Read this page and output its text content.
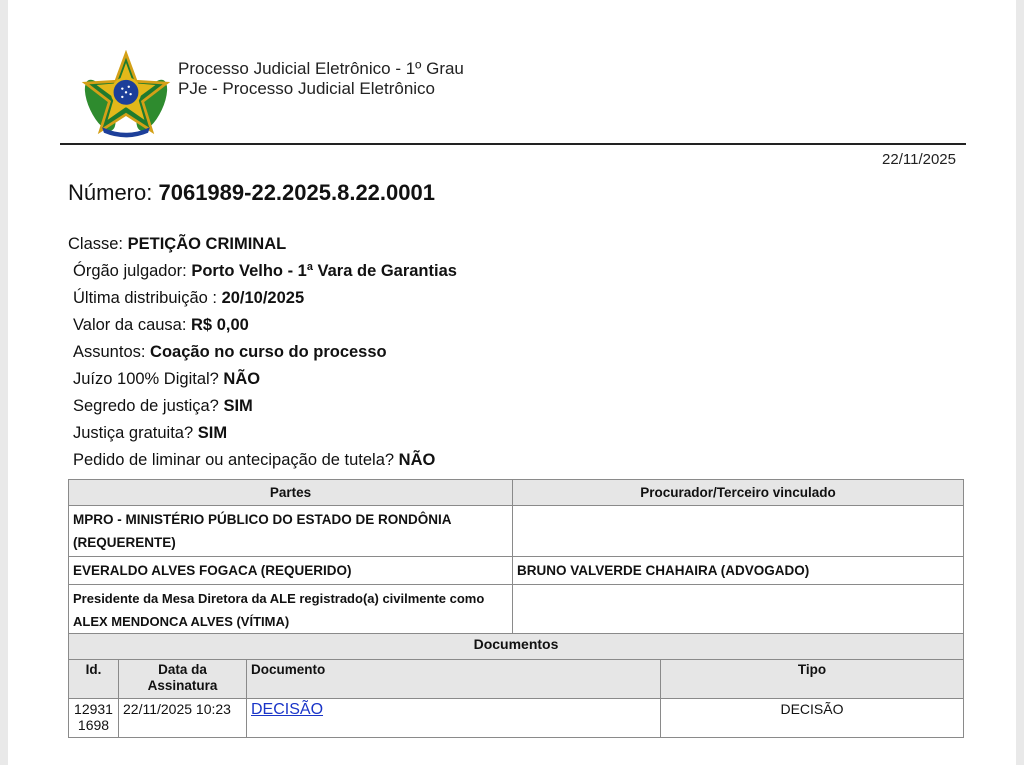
Processo Judicial Eletrônico - 1º Grau
PJe - Processo Judicial Eletrônico
22/11/2025
Número: 7061989-22.2025.8.22.0001
Classe: PETIÇÃO CRIMINAL
Órgão julgador: Porto Velho - 1ª Vara de Garantias
Última distribuição : 20/10/2025
Valor da causa: R$ 0,00
Assuntos: Coação no curso do processo
Juízo 100% Digital? NÃO
Segredo de justiça? SIM
Justiça gratuita? SIM
Pedido de liminar ou antecipação de tutela? NÃO
Partes	Procurador/Terceiro vinculado
MPRO - MINISTÉRIO PÚBLICO DO ESTADO DE RONDÔNIA (REQUERENTE)	
EVERALDO ALVES FOGACA (REQUERIDO)	BRUNO VALVERDE CHAHAIRA (ADVOGADO)
Presidente da Mesa Diretora da ALE registrado(a) civilmente como ALEX MENDONCA ALVES (VÍTIMA)	
Documentos			
Id.	Data da Assinatura	Documento	Tipo
12931 1698	22/11/2025 10:23	DECISÃO	DECISÃO
